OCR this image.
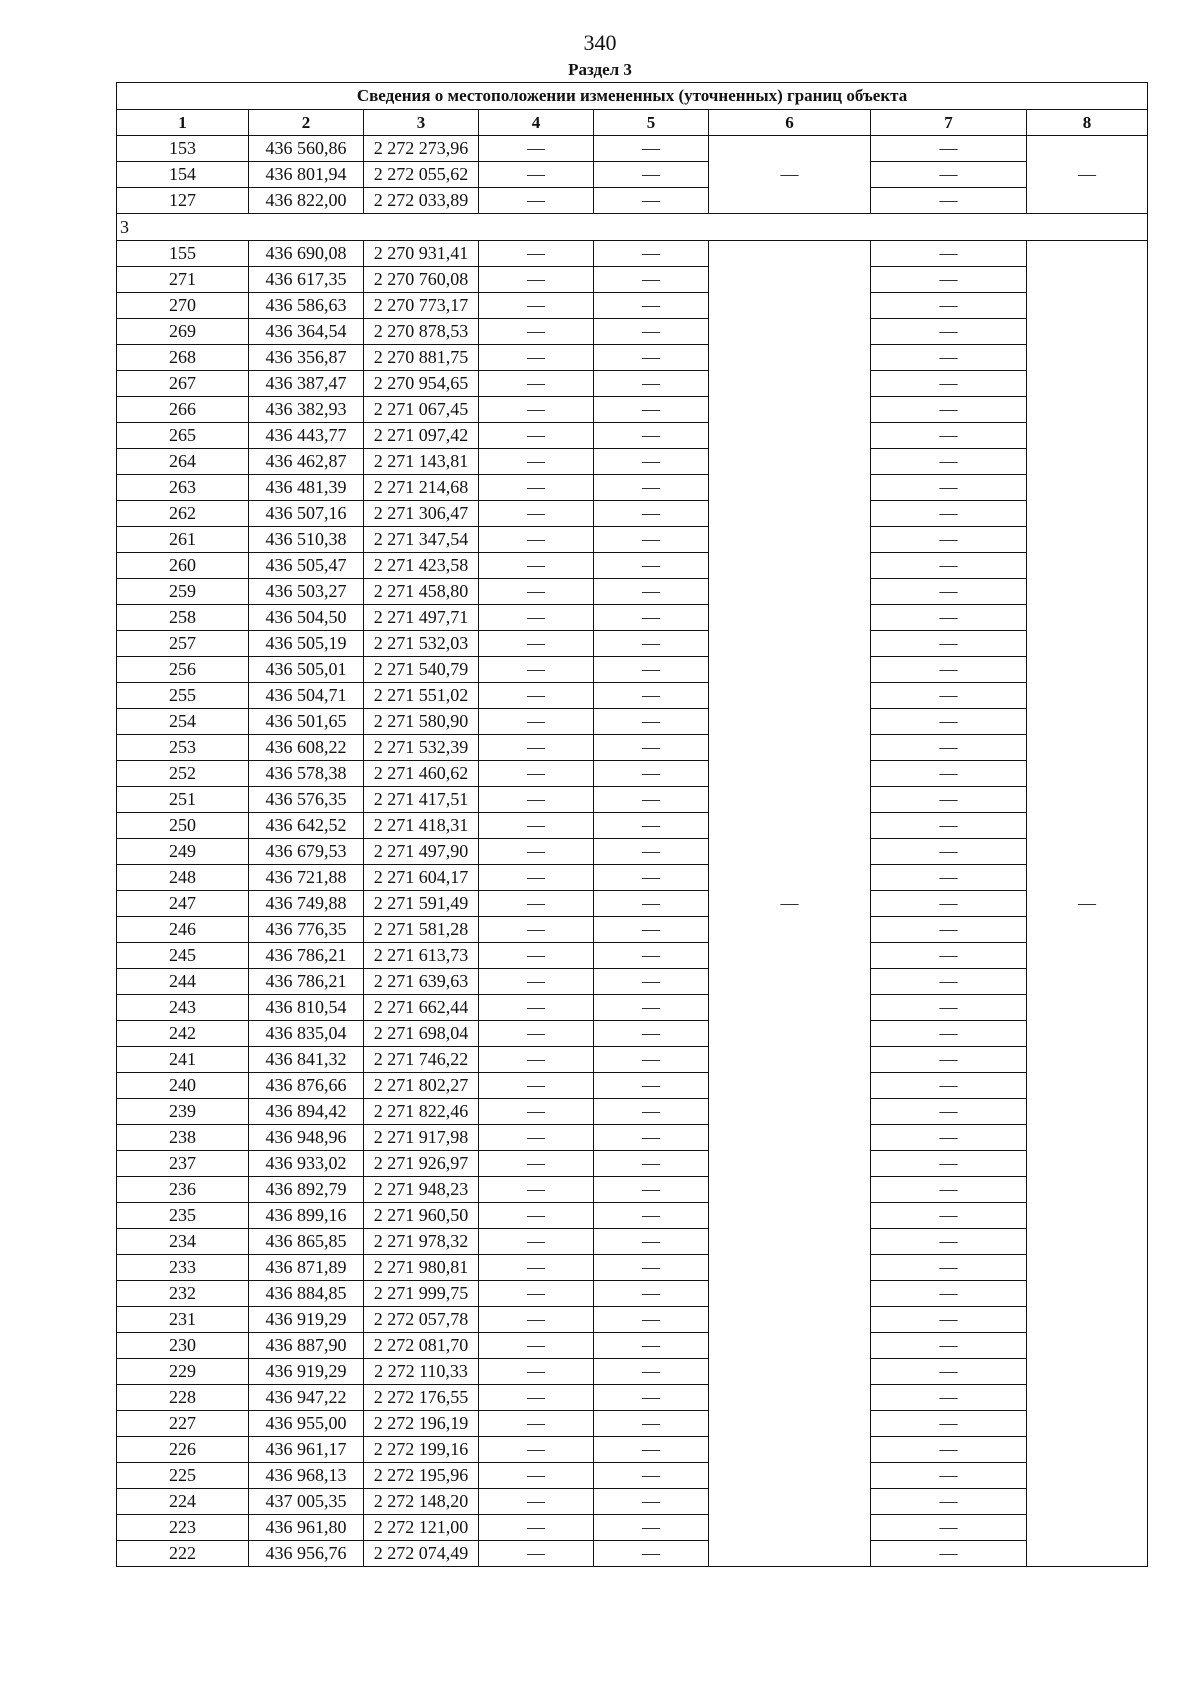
340
Раздел 3
Сведения о местоположении измененных (уточненных) границ объекта							
1	2	3	4	5	6	7	8
153	436 560,86	2 272 273,96	—	—	—	—	—
154	436 801,94	2 272 055,62	—	—		—	
127	436 822,00	2 272 033,89	—	—		—	
3							
155	436 690,08	2 270 931,41	—	—	—	—	—
271	436 617,35	2 270 760,08	—	—		—	
270	436 586,63	2 270 773,17	—	—		—	
269	436 364,54	2 270 878,53	—	—		—	
268	436 356,87	2 270 881,75	—	—		—	
267	436 387,47	2 270 954,65	—	—		—	
266	436 382,93	2 271 067,45	—	—		—	
265	436 443,77	2 271 097,42	—	—		—	
264	436 462,87	2 271 143,81	—	—		—	
263	436 481,39	2 271 214,68	—	—		—	
262	436 507,16	2 271 306,47	—	—		—	
261	436 510,38	2 271 347,54	—	—		—	
260	436 505,47	2 271 423,58	—	—		—	
259	436 503,27	2 271 458,80	—	—		—	
258	436 504,50	2 271 497,71	—	—		—	
257	436 505,19	2 271 532,03	—	—		—	
256	436 505,01	2 271 540,79	—	—		—	
255	436 504,71	2 271 551,02	—	—		—	
254	436 501,65	2 271 580,90	—	—		—	
253	436 608,22	2 271 532,39	—	—		—	
252	436 578,38	2 271 460,62	—	—		—	
251	436 576,35	2 271 417,51	—	—		—	
250	436 642,52	2 271 418,31	—	—		—	
249	436 679,53	2 271 497,90	—	—		—	
248	436 721,88	2 271 604,17	—	—		—	
247	436 749,88	2 271 591,49	—	—		—	
246	436 776,35	2 271 581,28	—	—		—	
245	436 786,21	2 271 613,73	—	—		—	
244	436 786,21	2 271 639,63	—	—		—	
243	436 810,54	2 271 662,44	—	—		—	
242	436 835,04	2 271 698,04	—	—		—	
241	436 841,32	2 271 746,22	—	—		—	
240	436 876,66	2 271 802,27	—	—		—	
239	436 894,42	2 271 822,46	—	—		—	
238	436 948,96	2 271 917,98	—	—		—	
237	436 933,02	2 271 926,97	—	—		—	
236	436 892,79	2 271 948,23	—	—		—	
235	436 899,16	2 271 960,50	—	—		—	
234	436 865,85	2 271 978,32	—	—		—	
233	436 871,89	2 271 980,81	—	—		—	
232	436 884,85	2 271 999,75	—	—		—	
231	436 919,29	2 272 057,78	—	—		—	
230	436 887,90	2 272 081,70	—	—		—	
229	436 919,29	2 272 110,33	—	—		—	
228	436 947,22	2 272 176,55	—	—		—	
227	436 955,00	2 272 196,19	—	—		—	
226	436 961,17	2 272 199,16	—	—		—	
225	436 968,13	2 272 195,96	—	—		—	
224	437 005,35	2 272 148,20	—	—		—	
223	436 961,80	2 272 121,00	—	—		—	
222	436 956,76	2 272 074,49	—	—		—	
